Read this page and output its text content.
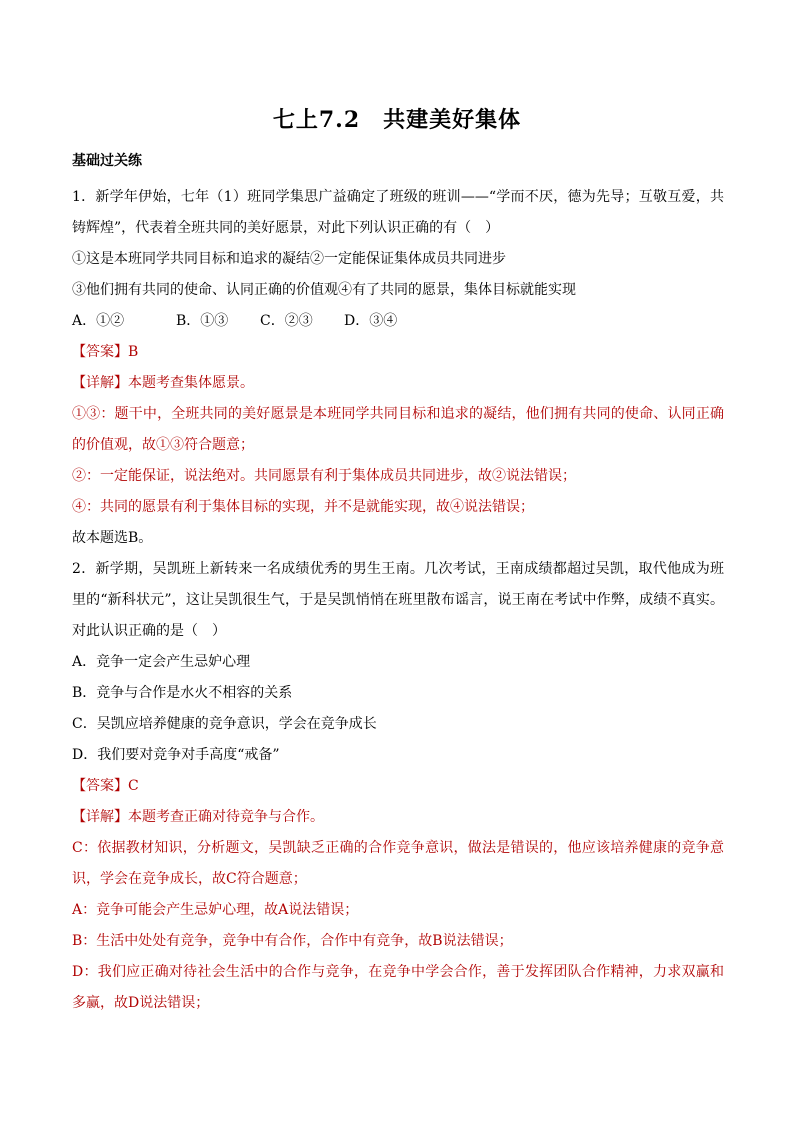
七上7.2　共建美好集体
基础过关练

1．新学年伊始，七年（1）班同学集思广益确定了班级的班训——“学而不厌，德为先导；互敬互爱，共铸辉煌”，代表着全班共同的美好愿景，对此下列认识正确的有（　）

①这是本班同学共同目标和追求的凝结②一定能保证集体成员共同进步

③他们拥有共同的使命、认同正确的价值观④有了共同的愿景，集体目标就能实现

A．①②	B．①③ C．②③ D．③④

【答案】B

【详解】本题考查集体愿景。

①③：题干中，全班共同的美好愿景是本班同学共同目标和追求的凝结，他们拥有共同的使命、认同正确的价值观，故①③符合题意；

②：一定能保证，说法绝对。共同愿景有利于集体成员共同进步，故②说法错误；

④：共同的愿景有利于集体目标的实现，并不是就能实现，故④说法错误；

故本题选B。

2．新学期，吴凯班上新转来一名成绩优秀的男生王南。几次考试，王南成绩都超过吴凯，取代他成为班里的“新科状元”，这让吴凯很生气，于是吴凯悄悄在班里散布谣言，说王南在考试中作弊，成绩不真实。对此认识正确的是（　）

A．竞争一定会产生忌妒心理

B．竞争与合作是水火不相容的关系

C．吴凯应培养健康的竞争意识，学会在竞争成长

D．我们要对竞争对手高度“戒备”

【答案】C

【详解】本题考查正确对待竞争与合作。

C：依据教材知识，分析题文，吴凯缺乏正确的合作竞争意识，做法是错误的，他应该培养健康的竞争意识，学会在竞争成长，故C符合题意；

A：竞争可能会产生忌妒心理，故A说法错误；

B：生活中处处有竞争，竞争中有合作，合作中有竞争，故B说法错误；

D：我们应正确对待社会生活中的合作与竞争，在竞争中学会合作，善于发挥团队合作精神，力求双赢和多赢，故D说法错误；
